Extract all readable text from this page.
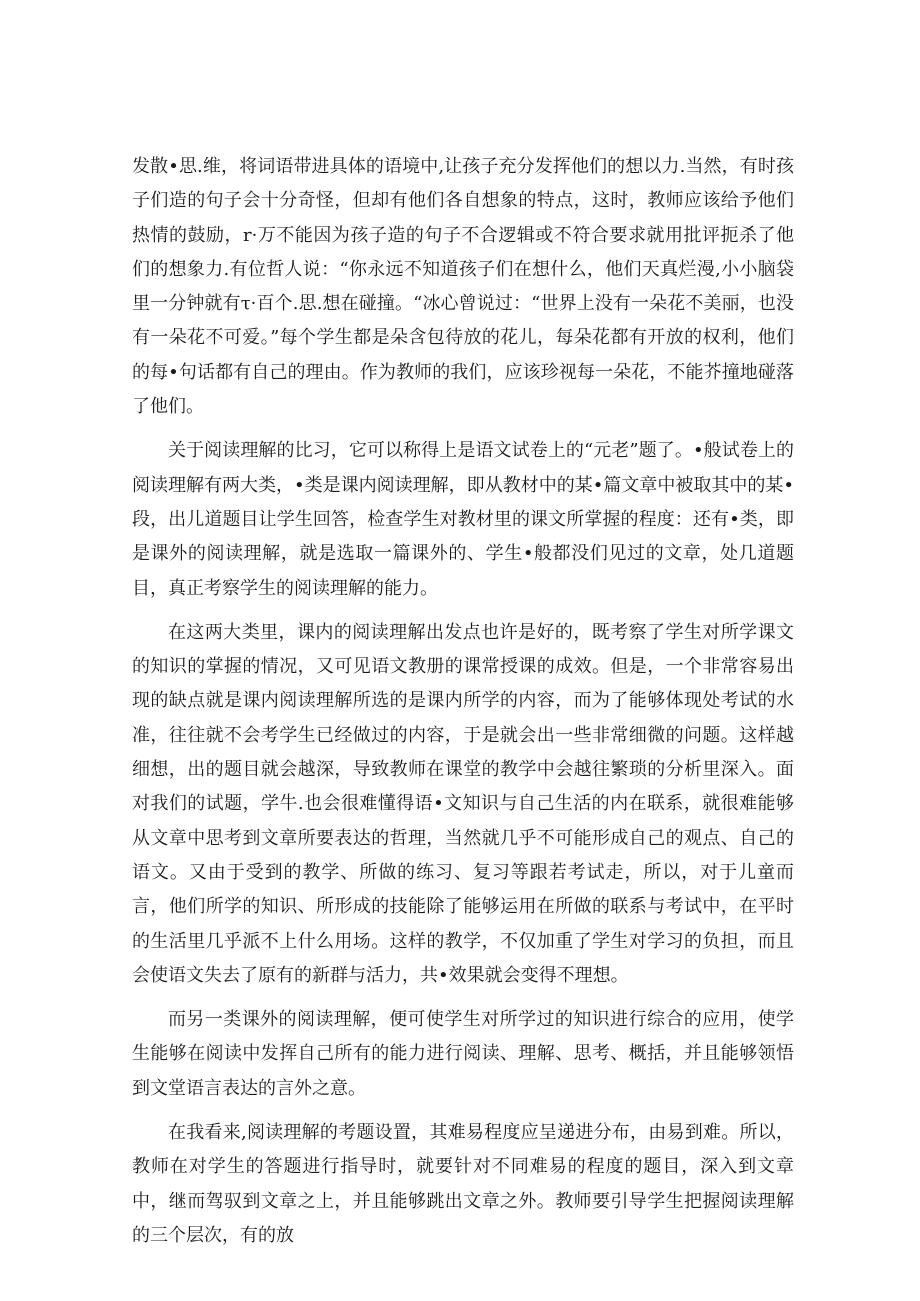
发散•思.维，将词语带进具体的语境中,让孩子充分发挥他们的想以力.当然，有时孩子们造的句子会十分奇怪，但却有他们各自想象的特点，这时，教师应该给予他们热情的鼓励，r·万不能因为孩子造的句子不合逻辑或不符合要求就用批评扼杀了他们的想象力.有位哲人说：“你永远不知道孩子们在想什么，他们天真烂漫,小小脑袋里一分钟就有τ·百个.思.想在碰撞。“冰心曾说过：“世界上没有一朵花不美丽，也没有一朵花不可爱。”每个学生都是朵含包待放的花儿，每朵花都有开放的权利，他们的每•句话都有自己的理由。作为教师的我们，应该珍视每一朵花，不能芥撞地碰落了他们。

关于阅读理解的比习，它可以称得上是语文试卷上的“元老”题了。•般试卷上的阅读理解有两大类，•类是课内阅读理解，即从教材中的某•篇文章中被取其中的某•段，出儿道题目让学生回答，检查学生对教材里的课文所掌握的程度：还有•类，即是课外的阅读理解，就是选取一篇课外的、学生•般都没们见过的文章，处几道题目，真正考察学生的阅读理解的能力。

在这两大类里，课内的阅读理解出发点也许是好的，既考察了学生对所学课文的知识的掌握的情况，又可见语文教册的课常授课的成效。但是，一个非常容易出现的缺点就是课内阅读理解所选的是课内所学的内容，而为了能够体现处考试的水准，往往就不会考学生已经做过的内容，于是就会出一些非常细微的问题。这样越细想，出的题目就会越深，导致教师在课堂的教学中会越往繁琐的分析里深入。面对我们的试题，学牛.也会很难懂得语•文知识与自己生活的内在联系，就很难能够从文章中思考到文章所要表达的哲理，当然就几乎不可能形成自己的观点、自己的语文。又由于受到的教学、所做的练习、复习等跟若考试走，所以，对于儿童而言，他们所学的知识、所形成的技能除了能够运用在所做的联系与考试中，在平时的生活里几乎派不上什么用场。这样的教学，不仅加重了学生对学习的负担，而且会使语文失去了原有的新群与活力，共•效果就会变得不理想。

而另一类课外的阅读理解，便可使学生对所学过的知识进行综合的应用，使学生能够在阅读中发挥自己所有的能力进行阅读、理解、思考、概括，并且能够领悟到文堂语言表达的言外之意。

在我看来,阅读理解的考题设置，其难易程度应呈递进分布，由易到难。所以，教师在对学生的答题进行指导时，就要针对不同难易的程度的题目，深入到文章中，继而驾驭到文章之上，并且能够跳出文章之外。教师要引导学生把握阅读理解的三个层次，有的放
